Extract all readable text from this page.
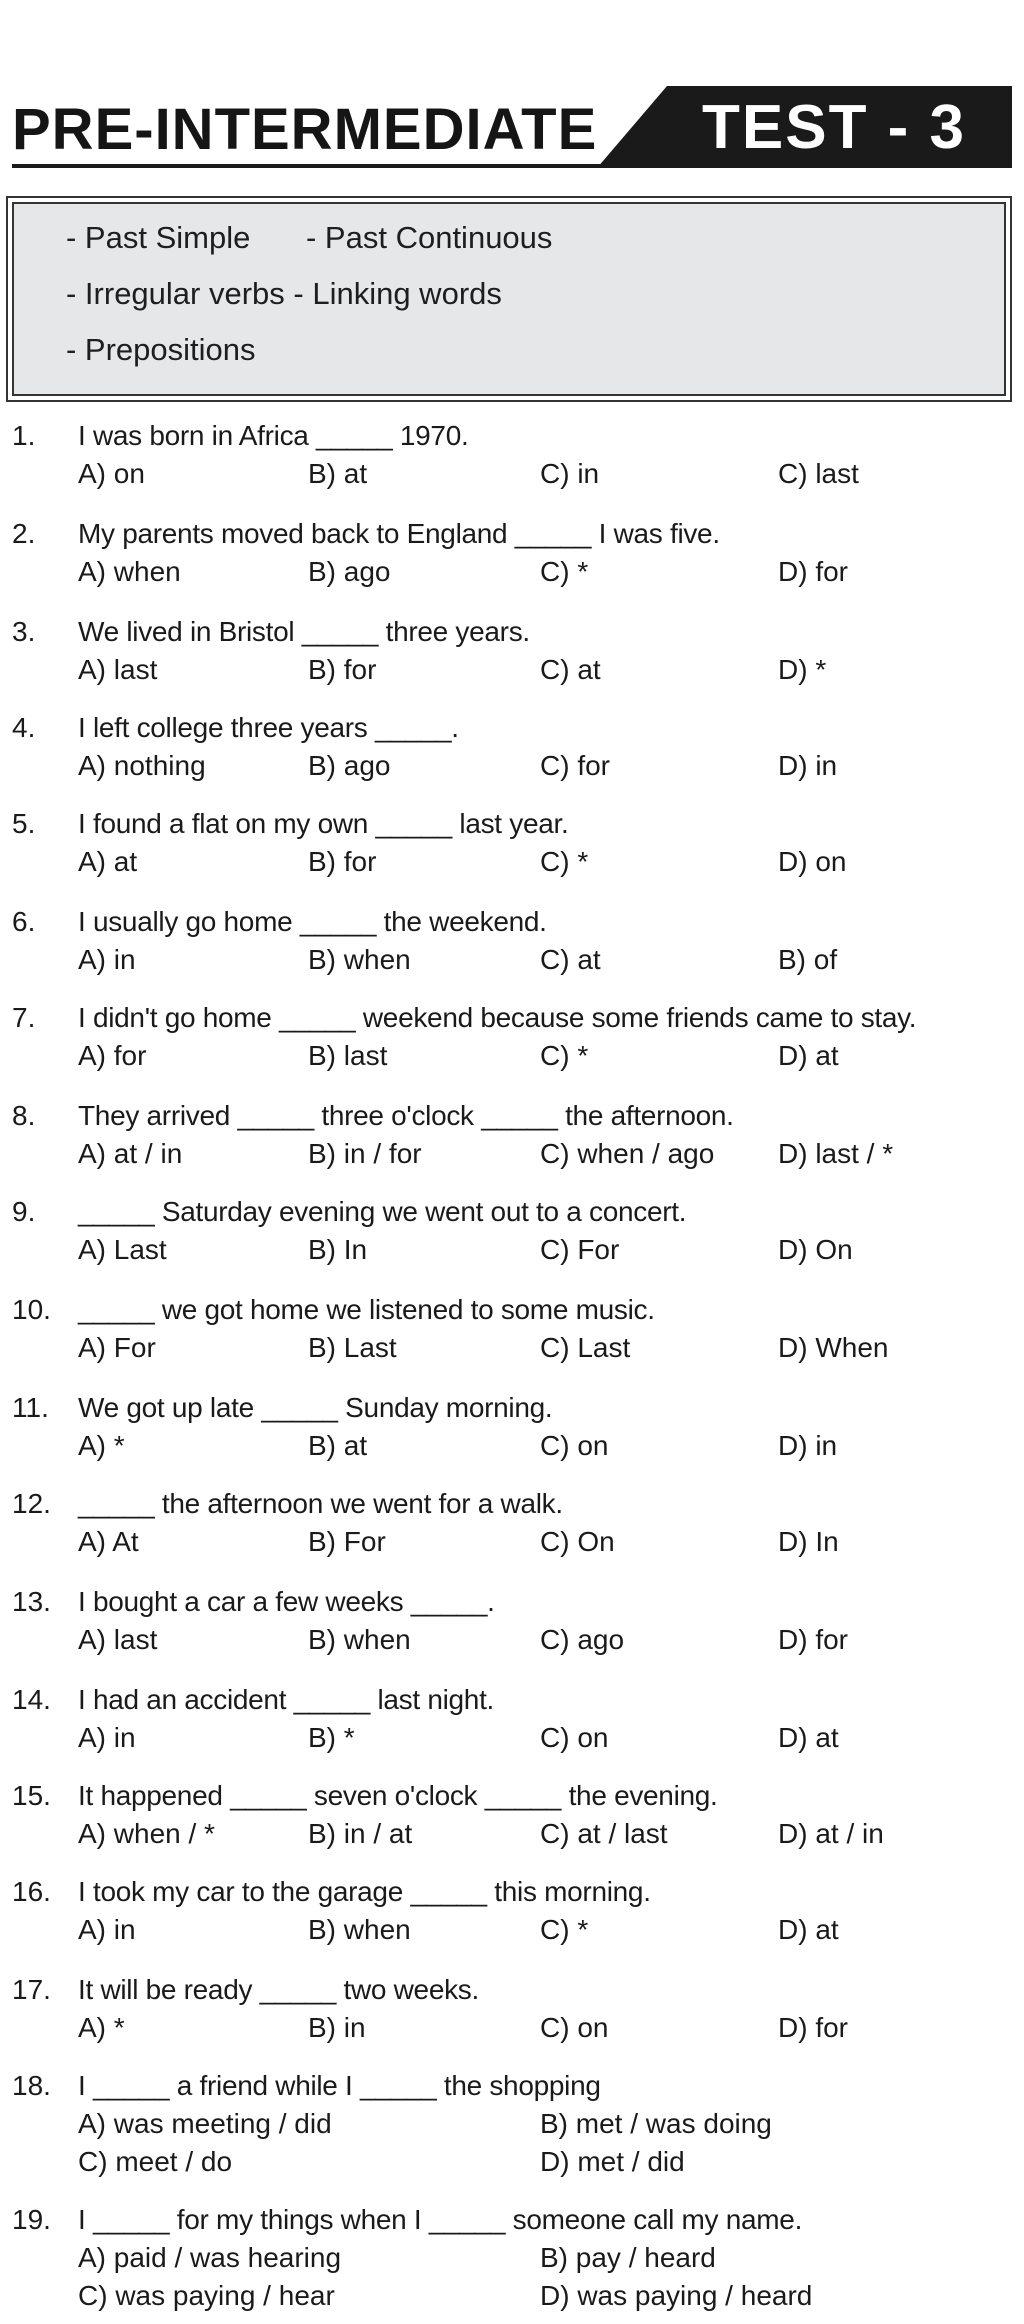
PRE-INTERMEDIATE TEST - 3
- Past Simple - Past Continuous
- Irregular verbs - Linking words
- Prepositions
1. I was born in Africa _____ 1970.
A) on	B) at	C) in	C) last
2. My parents moved back to England _____ I was five.
A) when	B) ago	C) *	D) for
3. We lived in Bristol _____ three years.
A) last	B) for	C) at	D) *
4. I left college three years _____.
A) nothing	B) ago	C) for	D) in
5. I found a flat on my own _____ last year.
A) at	B) for	C) *	D) on
6. I usually go home _____ the weekend.
A) in	B) when	C) at	B) of
7. I didn't go home _____ weekend because some friends came to stay.
A) for	B) last	C) *	D) at
8. They arrived _____ three o'clock _____ the afternoon.
A) at / in	B) in / for	C) when / ago D) last / *
9. _____ Saturday evening we went out to a concert.
A) Last	B) In	C) For	D) On
10. _____ we got home we listened to some music.
A) For	B) Last	C) Last	D) When
11. We got up late _____ Sunday morning.
A) *	B) at	C) on	D) in
12. _____ the afternoon we went for a walk.
A) At	B) For	C) On	D) In
13. I bought a car a few weeks _____.
A) last	B) when	C) ago	D) for
14. I had an accident _____ last night.
A) in	B) *	C) on	D) at
15. It happened _____ seven o'clock _____ the evening.
A) when / *	B) in / at	C) at / last	D) at / in
16. I took my car to the garage _____ this morning.
A) in	B) when	C) *	D) at
17. It will be ready _____ two weeks.
A) *	B) in	C) on	D) for
18. I _____ a friend while I _____ the shopping
A) was meeting / did	B) met / was doing
C) meet / do	D) met / did
19. I _____ for my things when I _____ someone call my name.
A) paid / was hearing	B) pay / heard
C) was paying / hear	D) was paying / heard
